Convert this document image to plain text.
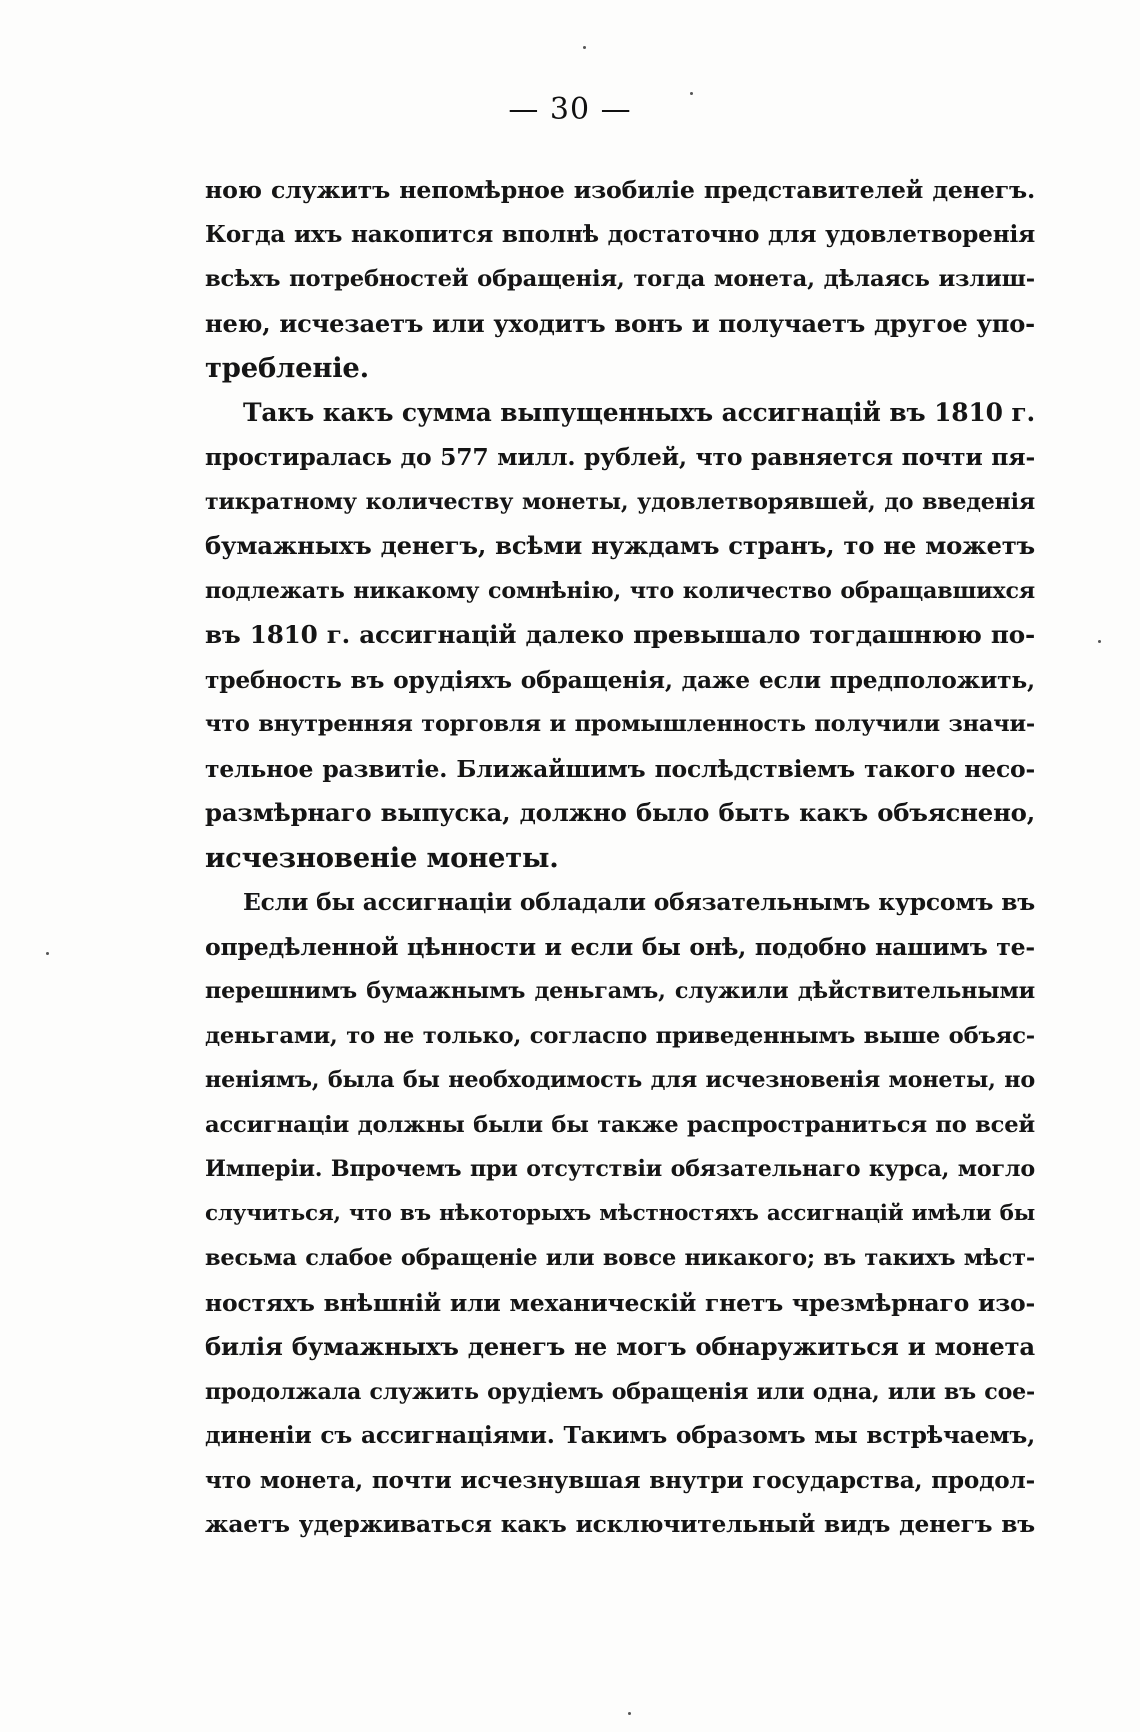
— 30 —
ною служитъ непомѣрное изобиліе представителей денегъ.
Когда ихъ накопится вполнѣ достаточно для удовлетворенія
всѣхъ потребностей обращенія, тогда монета, дѣлаясь излиш-
нею, исчезаетъ или уходитъ вонъ и получаетъ другое упо-
требленіе.
Такъ какъ сумма выпущенныхъ ассигнацій въ 1810 г.
простиралась до 577 милл. рублей, что равняется почти пя-
тикратному количеству монеты, удовлетворявшей, до введенія
бумажныхъ денегъ, всѣми нуждамъ странъ, то не можетъ
подлежать никакому сомнѣнію, что количество обращавшихся
въ 1810 г. ассигнацій далеко превышало тогдашнюю по-
требность въ орудіяхъ обращенія, даже если предположить,
что внутренняя торговля и промышленность получили значи-
тельное развитіе. Ближайшимъ послѣдствіемъ такого несо-
размѣрнаго выпуска, должно было быть какъ объяснено,
исчезновеніе монеты.
Если бы ассигнаціи обладали обязательнымъ курсомъ въ
опредѣленной цѣнности и если бы онѣ, подобно нашимъ те-
перешнимъ бумажнымъ деньгамъ, служили дѣйствительными
деньгами, то не только, согласпо приведеннымъ выше объяс-
неніямъ, была бы необходимость для исчезновенія монеты, но
ассигнаціи должны были бы также распространиться по всей
Имперіи. Впрочемъ при отсутствіи обязательнаго курса, могло
случиться, что въ нѣкоторыхъ мѣстностяхъ ассигнацій имѣли бы
весьма слабое обращеніе или вовсе никакого; въ такихъ мѣст-
ностяхъ внѣшній или механическій гнетъ чрезмѣрнаго изо-
билія бумажныхъ денегъ не могъ обнаружиться и монета
продолжала служить орудіемъ обращенія или одна, или въ сое-
диненіи съ ассигнаціями. Такимъ образомъ мы встрѣчаемъ,
что монета, почти исчезнувшая внутри государства, продол-
жаетъ удерживаться какъ исключительный видъ денегъ въ
